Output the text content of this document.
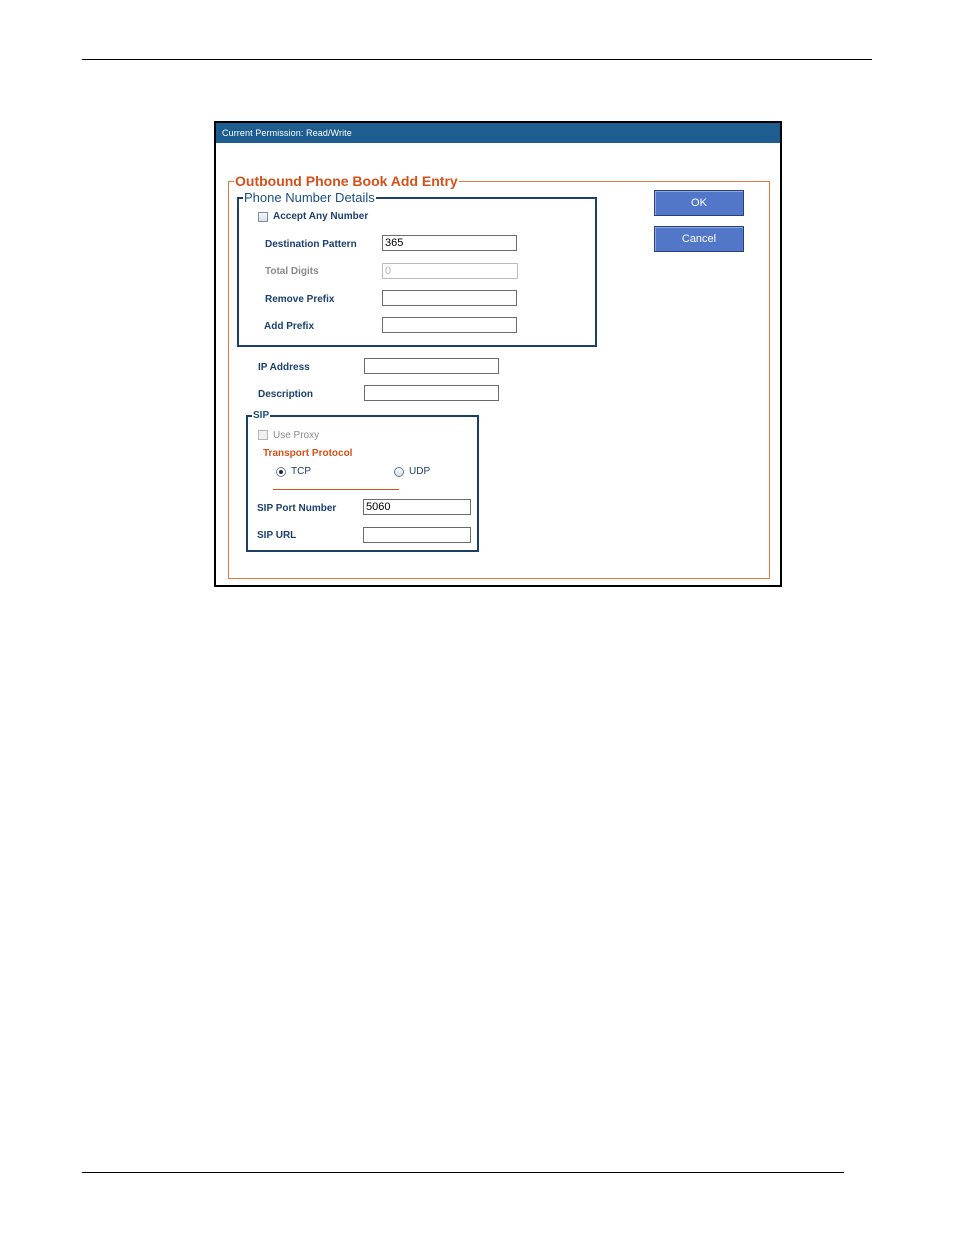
Current Permission: Read/Write
Outbound Phone Book Add Entry
Phone Number Details
Accept Any Number
Destination Pattern
365
Total Digits
0
Remove Prefix
Add Prefix
IP Address
Description
SIP
Use Proxy
Transport Protocol
TCP	UDP
SIP Port Number
5060
SIP URL
OK
Cancel
